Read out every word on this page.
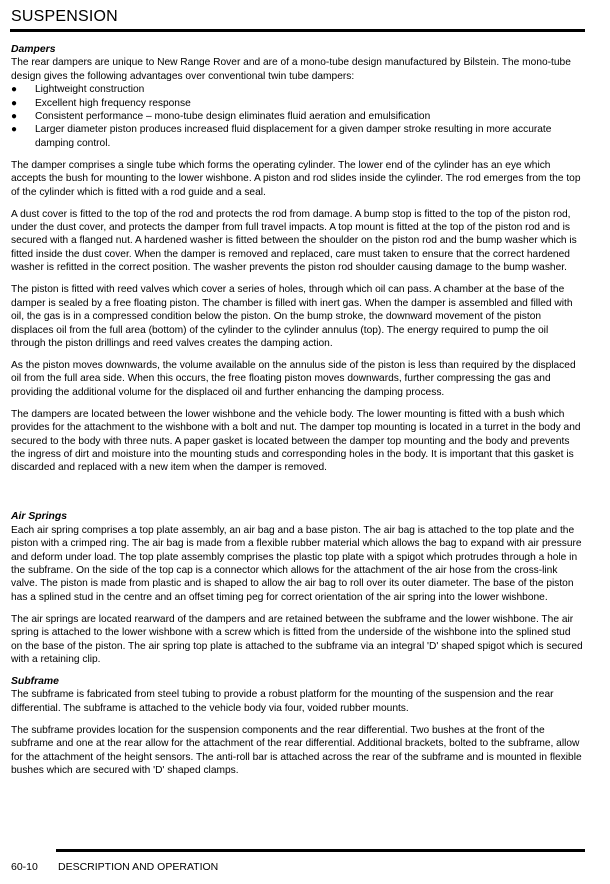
SUSPENSION
Dampers

The rear dampers are unique to New Range Rover and are of a mono-tube design manufactured by Bilstein. The mono-tube design gives the following advantages over conventional twin tube dampers:

● Lightweight construction
● Excellent high frequency response
● Consistent performance – mono-tube design eliminates fluid aeration and emulsification
● Larger diameter piston produces increased fluid displacement for a given damper stroke resulting in more accurate damping control.

The damper comprises a single tube which forms the operating cylinder. The lower end of the cylinder has an eye which accepts the bush for mounting to the lower wishbone. A piston and rod slides inside the cylinder. The rod emerges from the top of the cylinder which is fitted with a rod guide and a seal.

A dust cover is fitted to the top of the rod and protects the rod from damage. A bump stop is fitted to the top of the piston rod, under the dust cover, and protects the damper from full travel impacts. A top mount is fitted at the top of the piston rod and is secured with a flanged nut. A hardened washer is fitted between the shoulder on the piston rod and the bump washer which is fitted inside the dust cover. When the damper is removed and replaced, care must taken to ensure that the correct hardened washer is refitted in the correct position. The washer prevents the piston rod shoulder causing damage to the bump washer.

The piston is fitted with reed valves which cover a series of holes, through which oil can pass. A chamber at the base of the damper is sealed by a free floating piston. The chamber is filled with inert gas. When the damper is assembled and filled with oil, the gas is in a compressed condition below the piston. On the bump stroke, the downward movement of the piston displaces oil from the full area (bottom) of the cylinder to the cylinder annulus (top). The energy required to pump the oil through the piston drillings and reed valves creates the damping action.

As the piston moves downwards, the volume available on the annulus side of the piston is less than required by the displaced oil from the full area side. When this occurs, the free floating piston moves downwards, further compressing the gas and providing the additional volume for the displaced oil and further enhancing the damping process.

The dampers are located between the lower wishbone and the vehicle body. The lower mounting is fitted with a bush which provides for the attachment to the wishbone with a bolt and nut. The damper top mounting is located in a turret in the body and secured to the body with three nuts. A paper gasket is located between the damper top mounting and the body and prevents the ingress of dirt and moisture into the mounting studs and corresponding holes in the body. It is important that this gasket is discarded and replaced with a new item when the damper is removed.

Air Springs

Each air spring comprises a top plate assembly, an air bag and a base piston. The air bag is attached to the top plate and the piston with a crimped ring. The air bag is made from a flexible rubber material which allows the bag to expand with air pressure and deform under load. The top plate assembly comprises the plastic top plate with a spigot which protrudes through a hole in the subframe. On the side of the top cap is a connector which allows for the attachment of the air hose from the cross-link valve. The piston is made from plastic and is shaped to allow the air bag to roll over its outer diameter. The base of the piston has a splined stud in the centre and an offset timing peg for correct orientation of the air spring into the lower wishbone.

The air springs are located rearward of the dampers and are retained between the subframe and the lower wishbone. The air spring is attached to the lower wishbone with a screw which is fitted from the underside of the wishbone into the splined stud on the base of the piston. The air spring top plate is attached to the subframe via an integral 'D' shaped spigot which is secured with a retaining clip.

Subframe

The subframe is fabricated from steel tubing to provide a robust platform for the mounting of the suspension and the rear differential. The subframe is attached to the vehicle body via four, voided rubber mounts.

The subframe provides location for the suspension components and the rear differential. Two bushes at the front of the subframe and one at the rear allow for the attachment of the rear differential. Additional brackets, bolted to the subframe, allow for the attachment of the height sensors. The anti-roll bar is attached across the rear of the subframe and is mounted in flexible bushes which are secured with 'D' shaped clamps.

60-10 DESCRIPTION AND OPERATION
